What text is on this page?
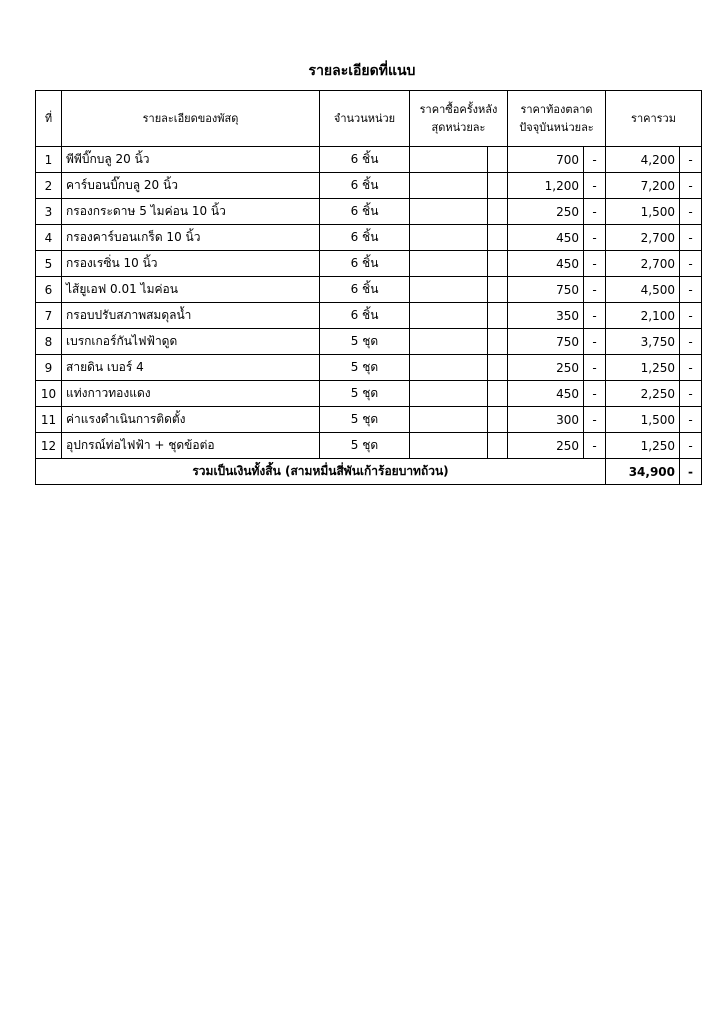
รายละเอียดที่แนบ
ที่	รายละเอียดของพัสดุ	จำนวนหน่วย	ราคาซื้อครั้งหลังสุดหน่วยละ		ราคาท้องตลาดปัจจุบันหน่วยละ		ราคารวม	
1	พีพีบิ๊กบลู 20 นิ้ว	6 ชิ้น			700	-	4,200	-
2	คาร์บอนบิ๊กบลู 20 นิ้ว	6 ชิ้น			1,200	-	7,200	-
3	กรองกระดาษ 5 ไมค่อน 10 นิ้ว	6 ชิ้น			250	-	1,500	-
4	กรองคาร์บอนเกร็ด 10 นิ้ว	6 ชิ้น			450	-	2,700	-
5	กรองเรซิ่น 10 นิ้ว	6 ชิ้น			450	-	2,700	-
6	ไส้ยูเอฟ 0.01 ไมค่อน	6 ชิ้น			750	-	4,500	-
7	กรอบปรับสภาพสมดุลน้ำ	6 ชิ้น			350	-	2,100	-
8	เบรกเกอร์กันไฟฟ้าดูด	5 ชุด			750	-	3,750	-
9	สายดิน เบอร์ 4	5 ชุด			250	-	1,250	-
10	แท่งกาวทองแดง	5 ชุด			450	-	2,250	-
11	ค่าแรงดำเนินการติดตั้ง	5 ชุด			300	-	1,500	-
12	อุปกรณ์ท่อไฟฟ้า + ชุดข้อต่อ	5 ชุด			250	-	1,250	-
รวมเป็นเงินทั้งสิ้น (สามหมื่นสี่พันเก้าร้อยบาทถ้วน)							34,900	-
